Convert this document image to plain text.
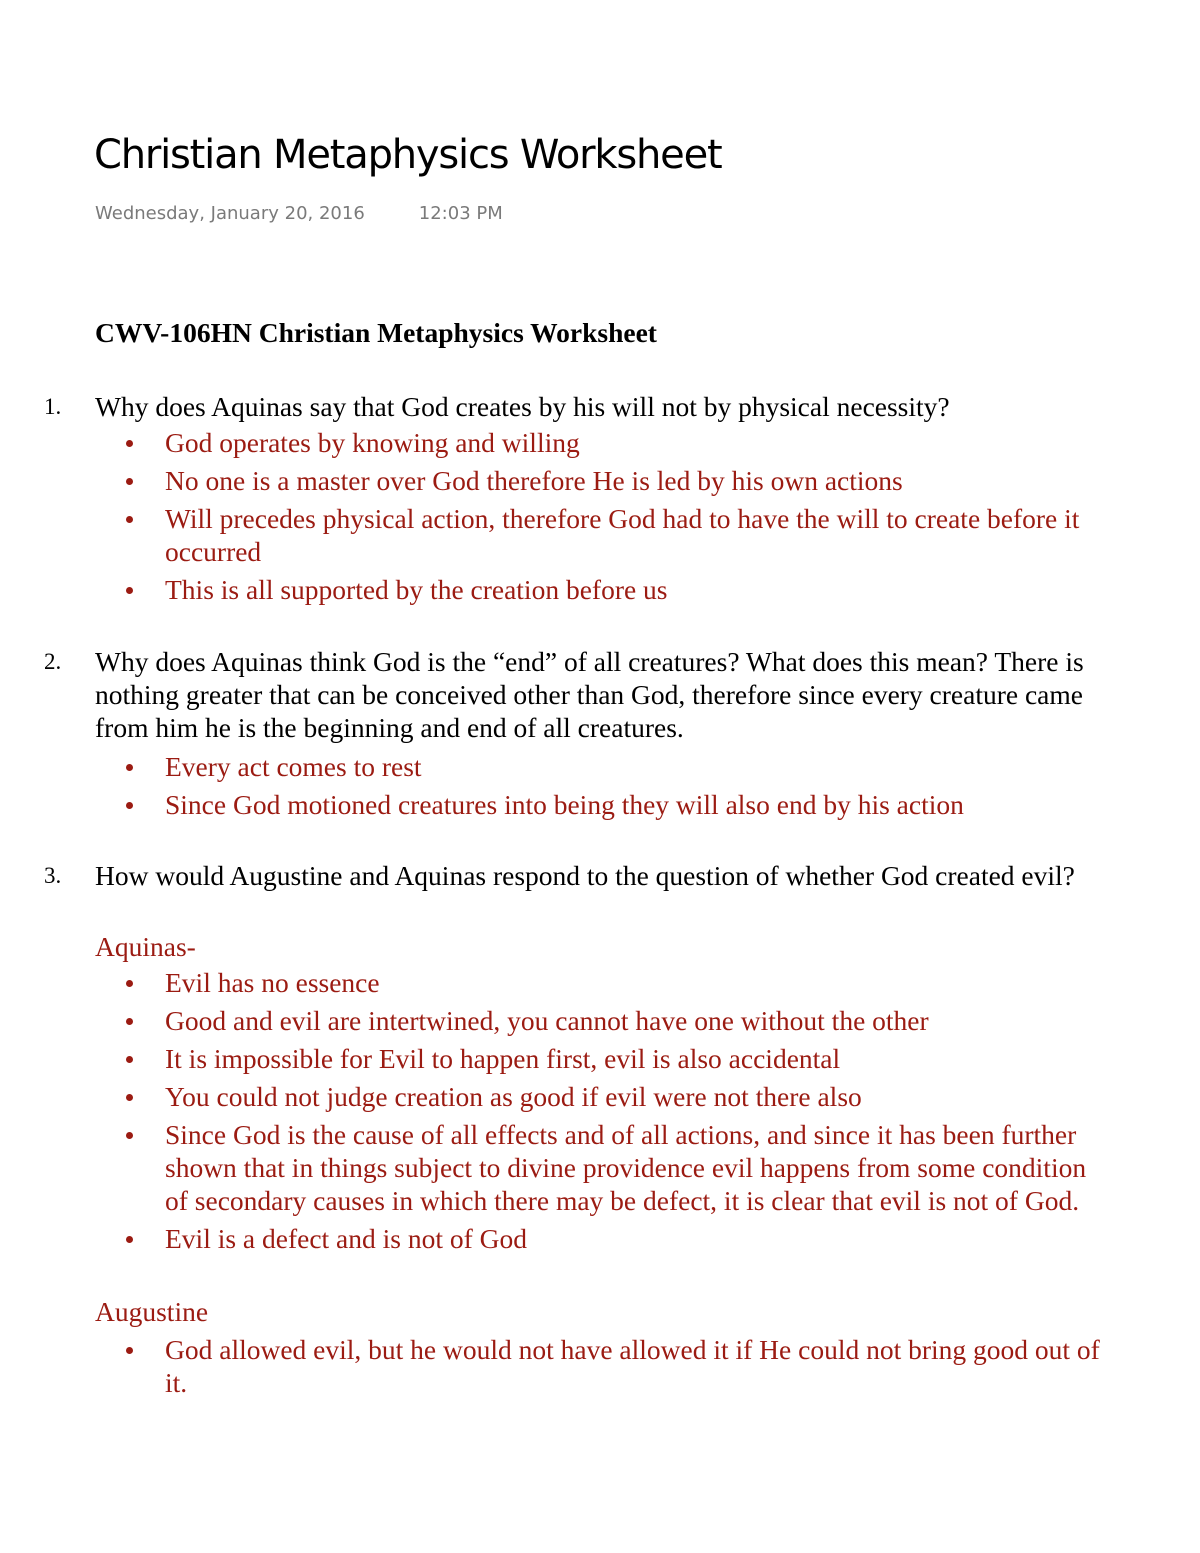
Christian Metaphysics Worksheet
Wednesday, January 20, 2016	12:03 PM
CWV-106HN Christian Metaphysics Worksheet
1. Why does Aquinas say that God creates by his will not by physical necessity?
God operates by knowing and willing
No one is a master over God therefore He is led by his own actions
Will precedes physical action, therefore God had to have the will to create before it occurred
This is all supported by the creation before us
2. Why does Aquinas think God is the “end” of all creatures? What does this mean? There is nothing greater that can be conceived other than God, therefore since every creature came from him he is the beginning and end of all creatures.
Every act comes to rest
Since God motioned creatures into being they will also end by his action
3. How would Augustine and Aquinas respond to the question of whether God created evil?
Aquinas-
Evil has no essence
Good and evil are intertwined, you cannot have one without the other
It is impossible for Evil to happen first, evil is also accidental
You could not judge creation as good if evil were not there also
Since God is the cause of all effects and of all actions, and since it has been further shown that in things subject to divine providence evil happens from some condition of secondary causes in which there may be defect, it is clear that evil is not of God.
Evil is a defect and is not of God
Augustine
God allowed evil, but he would not have allowed it if He could not bring good out of it.
